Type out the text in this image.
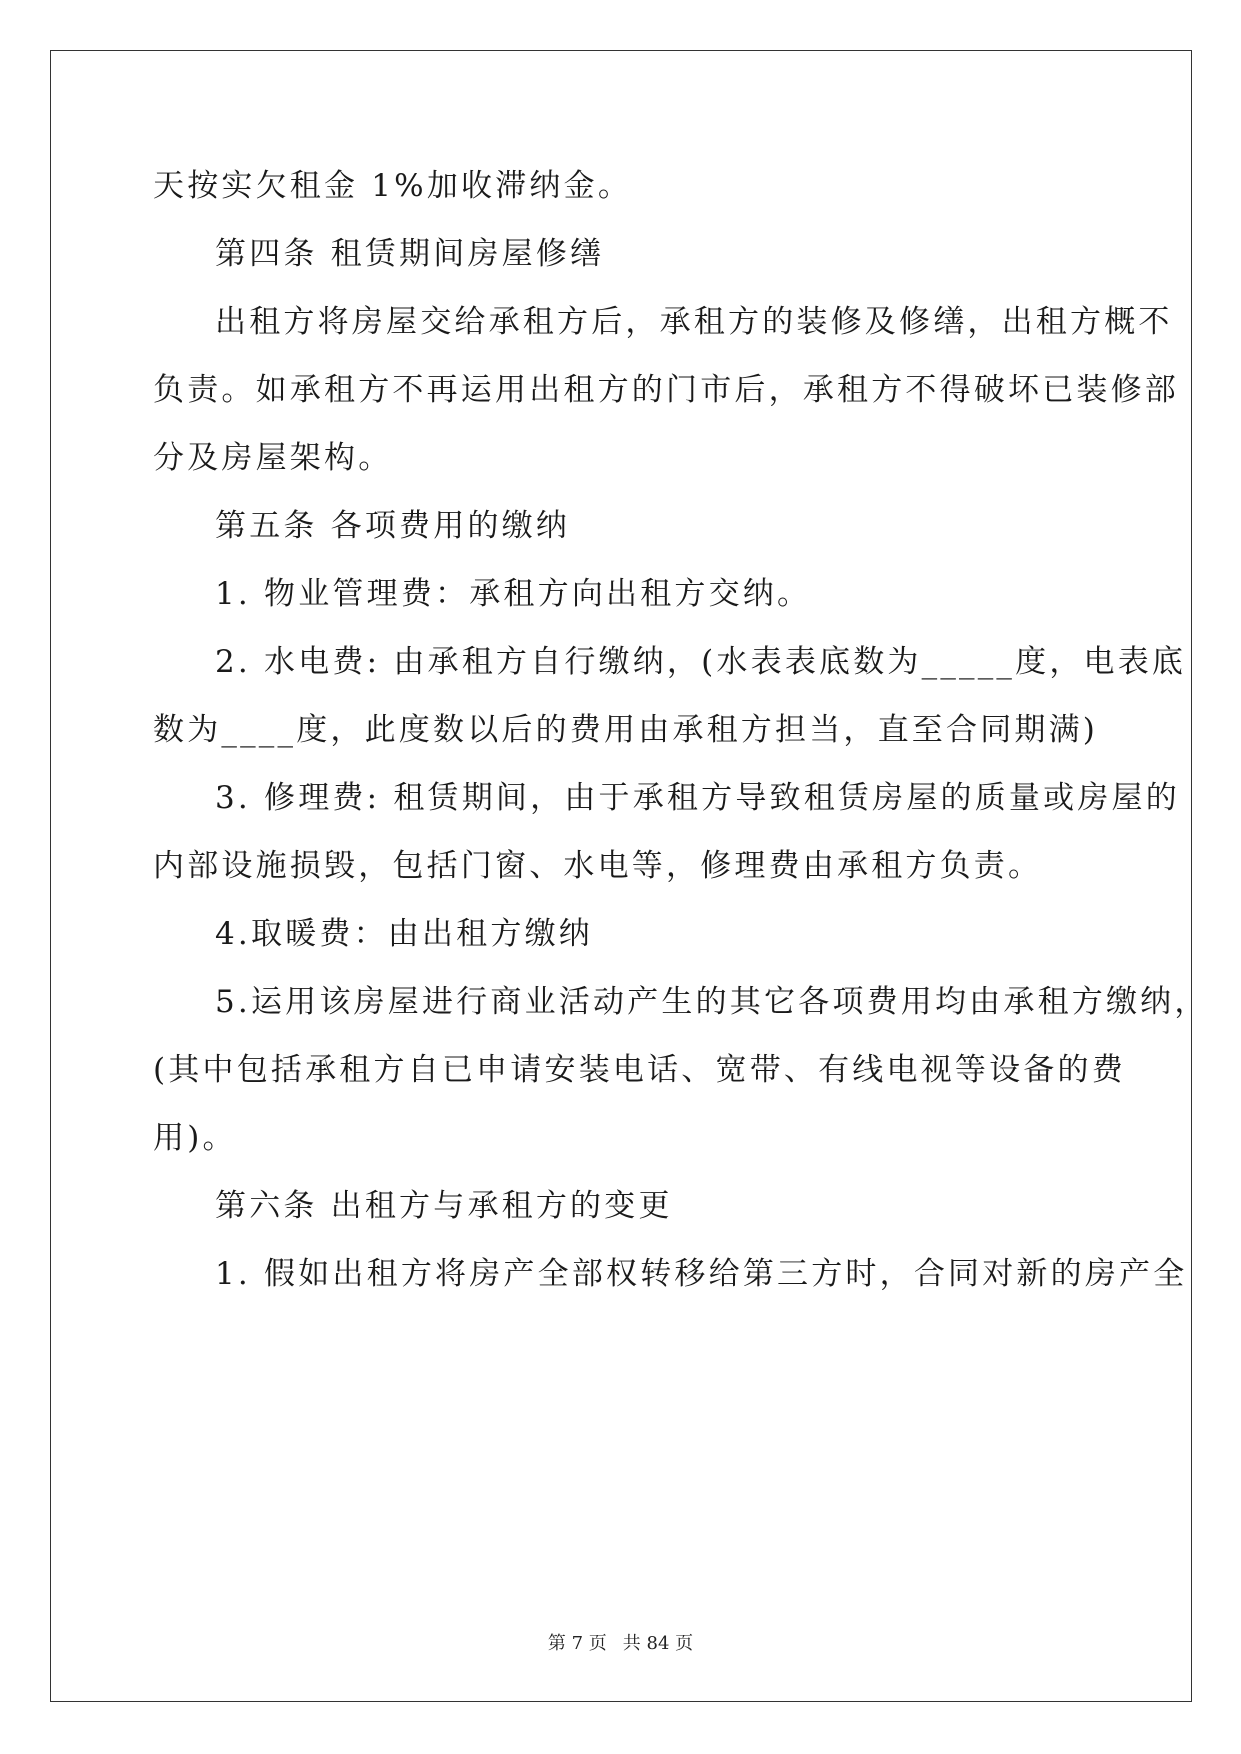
天按实欠租金 1%加收滞纳金。
第四条 租赁期间房屋修缮
出租方将房屋交给承租方后，承租方的装修及修缮，出租方概不
负责。如承租方不再运用出租方的门市后，承租方不得破坏已装修部
分及房屋架构。
第五条 各项费用的缴纳
1. 物业管理费：承租方向出租方交纳。
2. 水电费: 由承租方自行缴纳，(水表表底数为_____度，电表底
数为____度，此度数以后的费用由承租方担当，直至合同期满)
3. 修理费: 租赁期间，由于承租方导致租赁房屋的质量或房屋的
内部设施损毁，包括门窗、水电等，修理费由承租方负责。
4.取暖费：由出租方缴纳
5.运用该房屋进行商业活动产生的其它各项费用均由承租方缴纳，
(其中包括承租方自已申请安装电话、宽带、有线电视等设备的费
用)。
第六条 出租方与承租方的变更
1. 假如出租方将房产全部权转移给第三方时，合同对新的房产全
第 7 页 共 84 页
